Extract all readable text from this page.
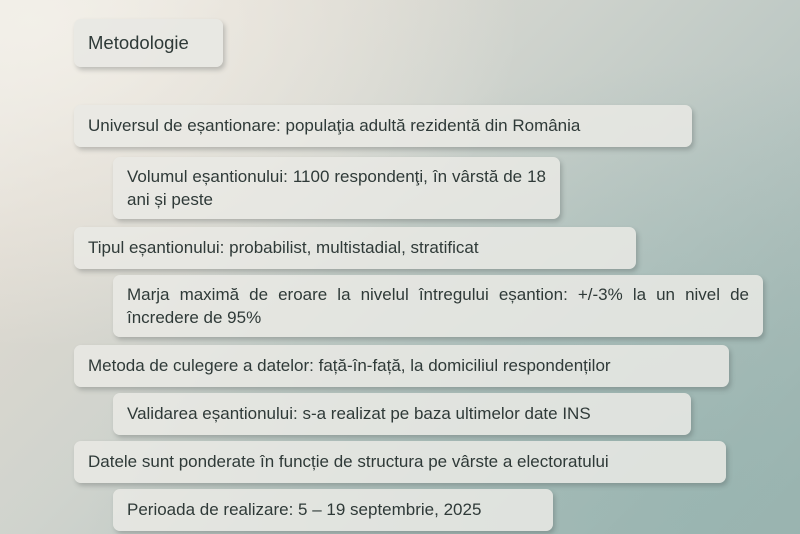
Metodologie
Universul de eșantionare: populaţia adultă rezidentă din România
Volumul eșantionului: 1100 respondenţi, în vârstă de 18 ani și peste
Tipul eșantionului: probabilist, multistadial, stratificat
Marja maximă de eroare la nivelul întregului eșantion: +/-3% la un nivel de încredere de 95%
Metoda de culegere a datelor: față-în-față, la domiciliul respondenților
Validarea eșantionului: s-a realizat pe baza ultimelor date INS
Datele sunt ponderate în funcție de structura pe vârste a electoratului
Perioada de realizare: 5 – 19 septembrie, 2025
